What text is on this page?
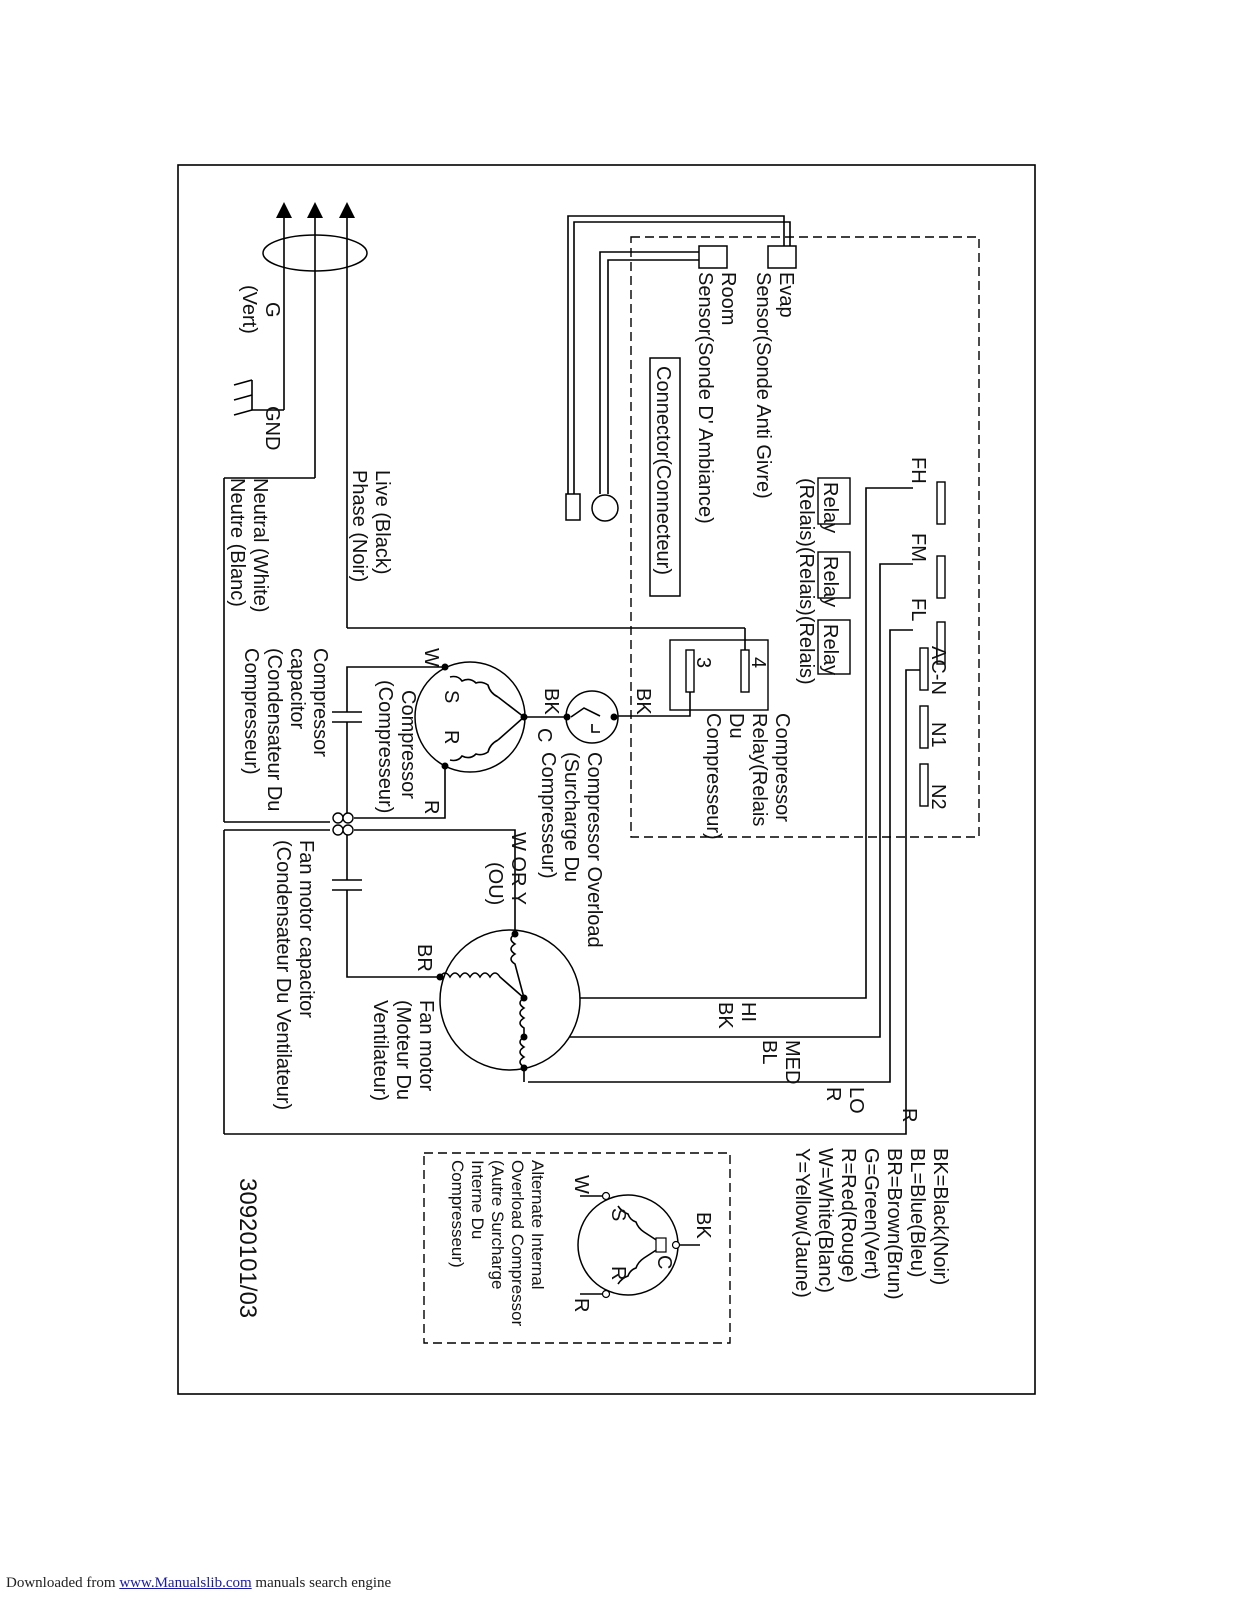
Connector(Connecteur)	Relay
Relay
Relay
(Relais)(Relais)(Relais)
Evap
Sensor(Sonde Anti Givre)
Room
Sensor(Sonde D' Ambiance)	FH
FM
FL
AC-N
N1
N2
4
3
Compressor
Relay(Relais
Du
Compresseur)
BK
BK
Compressor Overload
(Surcharge Du
Compresseur)
C
S
R
W
R
Compressor
(Compresseur)
Compressor
capacitor
(Condensateur Du
Compresseur)
W OR Y
(OU)
BR
HI
BK
MED
BL
LO
R
R
Fan motor
(Moteur Du
Ventilateur)
Fan motor capacitor
(Condensateur Du Ventilateur)
G
(Vert)
GND
Live (Black)
Phase (Noir)
Neutral (White)
Neutre (Blanc)
BK=Black(Noir)
BL=Blue(Bleu)
BR=Brown(Brun)
G=Green(Vert)
R=Red(Rouge)
W=White(Blanc)
Y=Yellow(Jaune)
BK
C
S
R
W
R
Alternate Internal
Overload Compressor
(Autre Surcharge
Interne Du
Compresseur)
30920101/03
Downloaded from www.Manualslib.com manuals search engine
